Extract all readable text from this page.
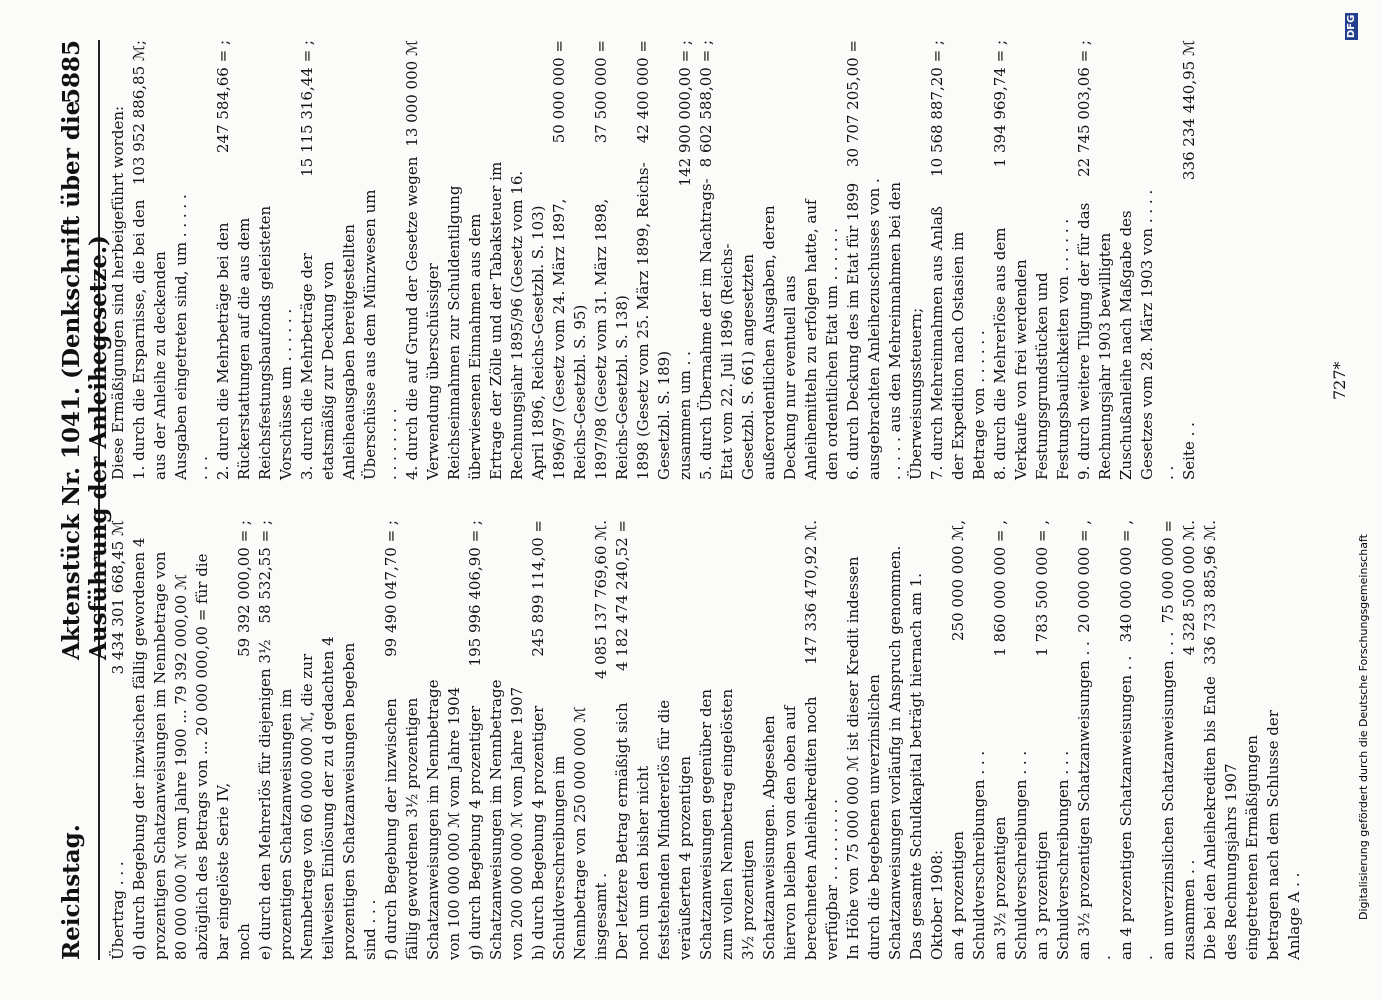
Reichstag.
Aktenstück Nr. 1041. (Denkschrift über die Ausführung der Anleihegesetze.)
5885
Übertrag . . .
3 434 301 668,45 ℳ d) durch Begebung der inzwischen fällig gewordenen 4 prozentigen Schatzanweisungen im Nennbetrage von 80 000 000 ℳ vom Jahre 1900 ... 79 392 000,00 ℳ abzüglich des Betrags von ... 20 000 000,00 = für die bar eingelöste Serie IV, noch
59 392 000,00 = ;
e) durch den Mehrerlös für diejenigen 3½ prozentigen Schatzanweisungen im Nennbetrage von 60 000 000 ℳ, die zur teilweisen Einlösung der zu d gedachten 4 prozentigen Schatzanweisungen begeben sind . . .
58 532,55 = ;
f) durch Begebung der inzwischen fällig gewordenen 3½ prozentigen Schatzanweisungen im Nennbetrage von 100 000 000 ℳ vom Jahre 1904
99 490 047,70 = ;
g) durch Begebung 4 prozentiger Schatzanweisungen im Nennbetrage von 200 000 000 ℳ vom Jahre 1907
195 996 406,90 = ;
h) durch Begebung 4 prozentiger Schuldverschreibungen im Nennbetrage von 250 000 000 ℳ
245 899 114,00 =
insgesamt .
4 085 137 769,60 ℳ.
Der letztere Betrag ermäßigt sich noch um den bisher nicht feststehenden Mindererlös für die veräußerten 4 prozentigen Schatzanweisungen gegenüber den zum vollen Nennbetrag eingelösten 3½ prozentigen Schatzanweisungen. Abgesehen hiervon bleiben von den oben auf
4 182 474 240,52 =
berechneten Anleihekrediten noch verfügbar . . . . . . . . .
147 336 470,92 ℳ.	In Höhe von 75 000 000 ℳ ist dieser Kredit indessen durch die begebenen unverzinslichen Schatzanweisungen vorläufig in Anspruch genommen. Das gesamte Schuldkapital beträgt hiernach am 1. Oktober 1908: an 4 prozentigen Schuldverschreibungen . . .
250 000 000 ℳ,
an 3½ prozentigen Schuldverschreibungen . . .
1 860 000 000 = ,
an 3 prozentigen Schuldverschreibungen . . .
1 783 500 000 = ,
an 3½ prozentigen Schatzanweisungen . . .
20 000 000 = ,
an 4 prozentigen Schatzanweisungen . . .
340 000 000 = ,
an unverzinslichen Schatzanweisungen . . .
75 000 000 =
zusammen . .
4 328 500 000 ℳ.
Die bei den Anleihekrediten bis Ende des Rechnungsjahrs 1907 eingetretenen Ermäßigungen betragen nach dem Schlusse der Anlage A . .
336 733 885,96 ℳ.
Diese Ermäßigungen sind herbeigeführt worden: 1. durch die Ersparnisse, die bei den aus der Anleihe zu deckenden Ausgaben eingetreten sind, um . . . . . . . .
103 952 886,85 ℳ;
2. durch die Mehrbeträge bei den Rückerstattungen auf die aus dem Reichsfestungsbaufonds geleisteten Vorschüsse um . . . . . .
247 584,66 = ;
3. durch die Mehrbeträge der etatsmäßig zur Deckung von Anleiheausgaben bereitgestellten Überschüsse aus dem Münzwesen um . . . . . . . .
15 115 316,44 = ;
4. durch die auf Grund der Gesetze wegen Verwendung überschüssiger Reichseinnahmen zur Schuldentilgung überwiesenen Einnahmen aus dem Ertrage der Zölle und der Tabaksteuer im Rechnungsjahr 1895/96 (Gesetz vom 16. April 1896, Reichs-Gesetzbl. S. 103)
13 000 000 ℳ
1896/97 (Gesetz vom 24. März 1897, Reichs-Gesetzbl. S. 95)
50 000 000 =
1897/98 (Gesetz vom 31. März 1898, Reichs-Gesetzbl. S. 138)
37 500 000 =
1898 (Gesetz vom 25. März 1899, Reichs-Gesetzbl. S. 189)
42 400 000 =
zusammen um . .
142 900 000,00 = ;
5. durch Übernahme der im Nachtrags-Etat vom 22. Juli 1896 (Reichs-Gesetzbl. S. 661) angesetzten außerordentlichen Ausgaben, deren Deckung nur eventuell aus Anleihemitteln zu erfolgen hatte, auf den ordentlichen Etat um . . . . . .
8 602 588,00 = ;
6. durch Deckung des im Etat für 1899 ausgebrachten Anleihezuschusses von . . . . . . aus den Mehreinnahmen bei den Überweisungssteuern;
30 707 205,00 =
7. durch Mehreinnahmen aus Anlaß der Expedition nach Ostasien im Betrage von . . . . . .
10 568 887,20 = ;
8. durch die Mehrerlöse aus dem Verkaufe von frei werdenden Festungsgrundstücken und Festungsbaulichkeiten von . . . . . .
1 394 969,74 = ;
9. durch weitere Tilgung der für das Rechnungsjahr 1903 bewilligten Zuschußanleihe nach Maßgabe des Gesetzes vom 28. März 1903 von . . . . . .
22 745 003,06 = ;
Seite . .
336 234 440,95 ℳ
727*
DFG
Digitalisierung gefördert durch die Deutsche Forschungsgemeinschaft
